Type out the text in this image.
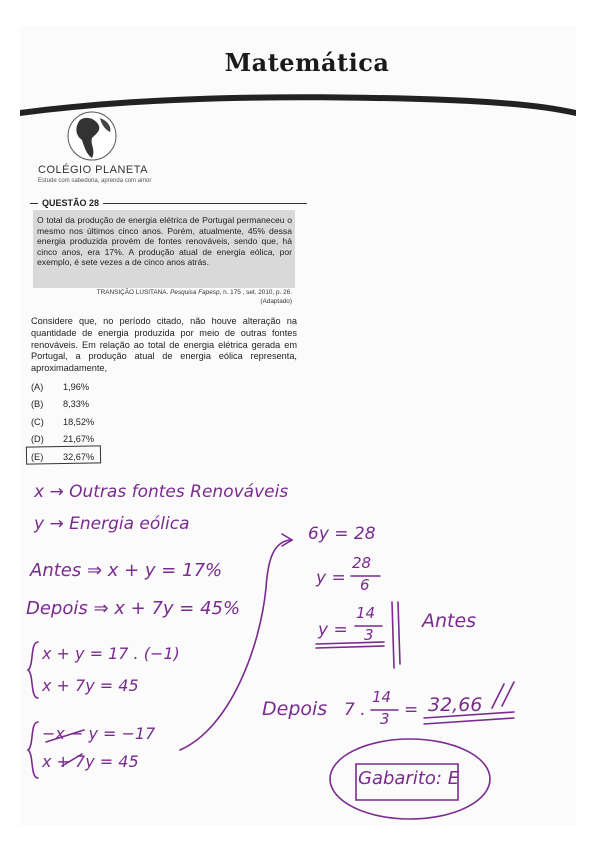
Matemática
COLÉGIO PLANETA
Estude com sabedoria, aprenda com amor
QUESTÃO 28
O total da produção de energia elétrica de Portugal permaneceu o mesmo nos últimos cinco anos. Porém, atualmente, 45% dessa energia produzida provém de fontes renováveis, sendo que, há cinco anos, era 17%. A produção atual de energia eólica, por exemplo, é sete vezes a de cinco anos atrás.
TRANSIÇÃO LUSITANA. Pesquisa Fapesp, n. 175 , set. 2010, p. 26.
(Adaptado)
Considere que, no período citado, não houve alteração na quantidade de energia produzida por meio de outras fontes renováveis. Em relação ao total de energia elétrica gerada em Portugal, a produção atual de energia eólica representa, aproximadamente,
(A)	1,96%
(B)	8,33%
(C)	18,52%
(D)	21,67%
(E)	32,67%
x → Outras fontes Renováveis
y → Energia eólica
Antes ⇒ x + y = 17%
Depois ⇒ x + 7y = 45%
x + y = 17 . (−1)
x + 7y = 45
−x − y = −17
x + 7y = 45
6y = 28
y =
28
6
y =
14
3
Antes
Depois 7 .
14
3 = 32,66
Gabarito: E
